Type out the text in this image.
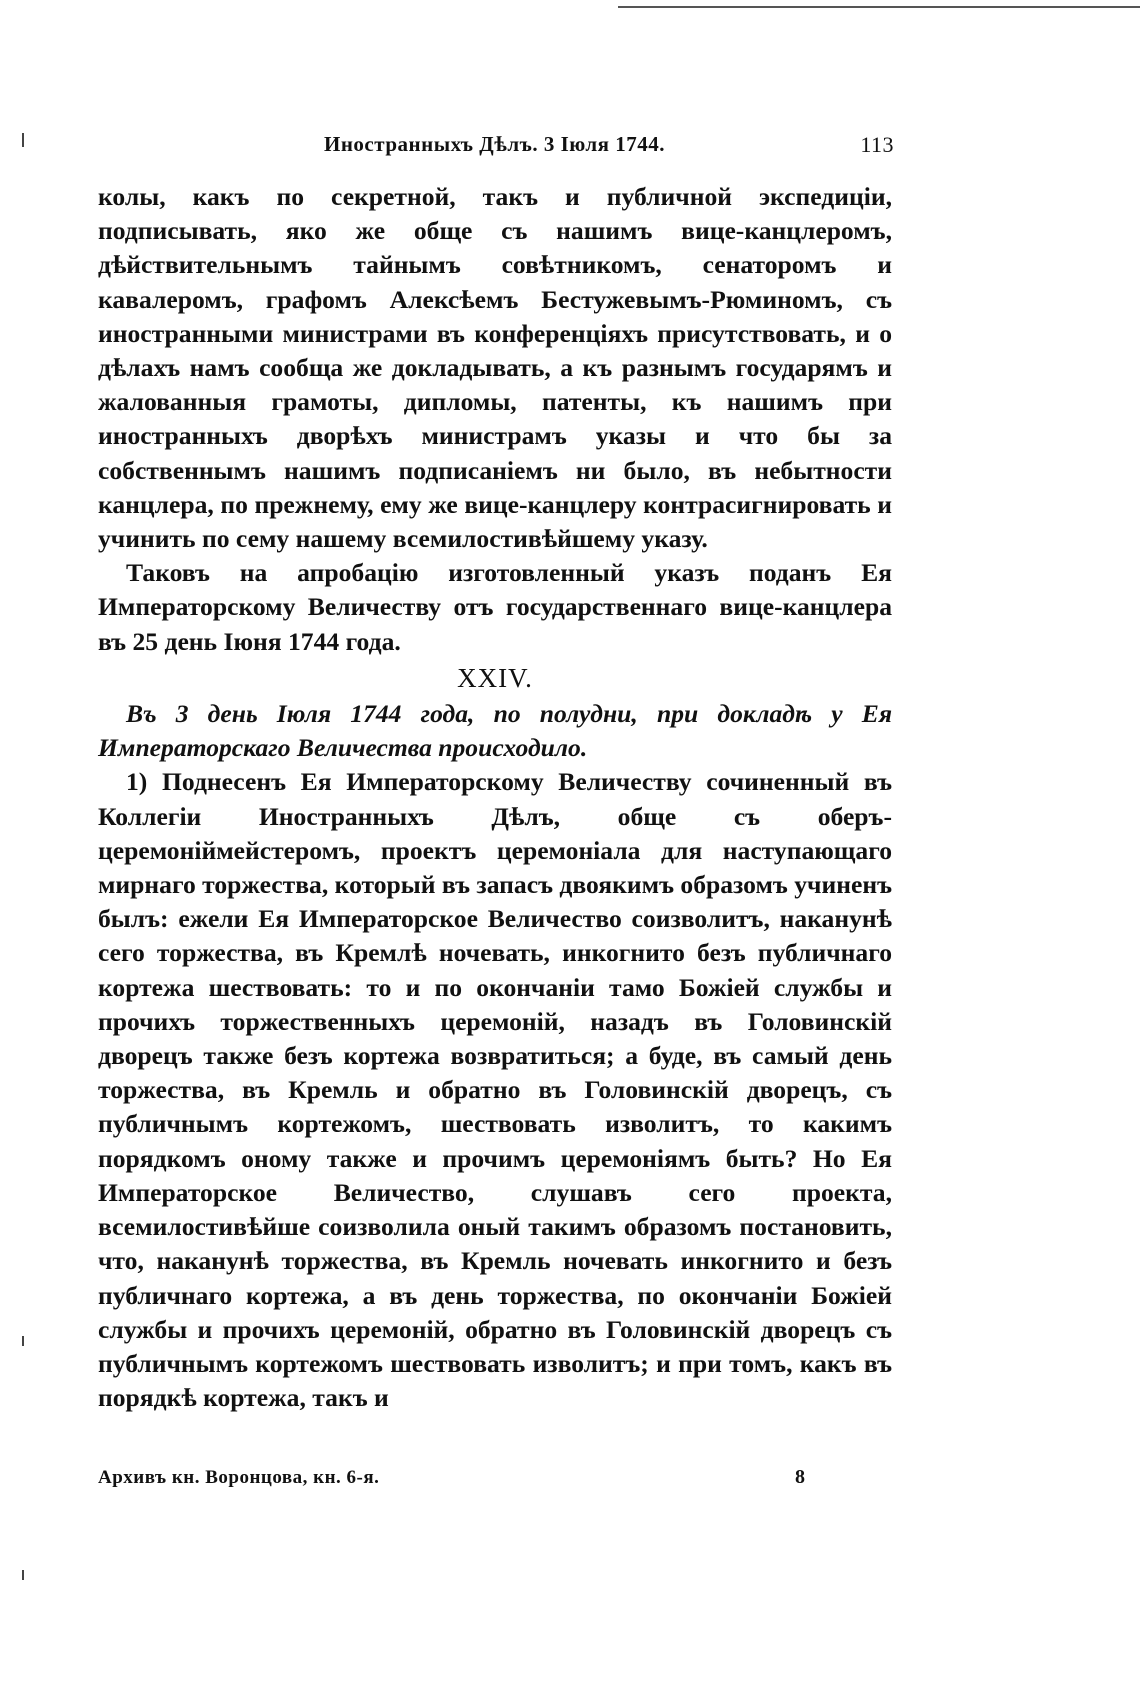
Иностранныхъ Дѣлъ. 3 Іюля 1744.	113

колы, какъ по секретной, такъ и публичной экспедиціи, подписывать, яко же обще съ нашимъ вице-канцлеромъ, дѣйствительнымъ тайнымъ совѣтникомъ, сенаторомъ и кавалеромъ, графомъ Алексѣемъ Бестужевымъ-Рюминомъ, съ иностранными министрами въ конференціяхъ присутствовать, и о дѣлахъ намъ сообща же докладывать, а къ разнымъ государямъ и жалованныя грамоты, дипломы, патенты, къ нашимъ при иностранныхъ дворѣхъ министрамъ указы и что бы за собственнымъ нашимъ подписаніемъ ни было, въ небытности канцлера, по прежнему, ему же вице-канцлеру контрасигнировать и учинить по сему нашему всемилостивѣйшему указу.

Таковъ на апробацію изготовленный указъ поданъ Ея Императорскому Величеству отъ государственнаго вице-канцлера въ 25 день Іюня 1744 года.

XXIV.

Въ 3 день Іюля 1744 года, по полудни, при докладѣ у Ея Императорскаго Величества происходило.

1) Поднесенъ Ея Императорскому Величеству сочиненный въ Коллегіи Иностранныхъ Дѣлъ, обще съ оберъ-церемоніймейстеромъ, проектъ церемоніала для наступающаго мирнаго торжества, который въ запасъ двоякимъ образомъ учиненъ былъ: ежели Ея Императорское Величество соизволитъ, наканунѣ сего торжества, въ Кремлѣ ночевать, инкогнито безъ публичнаго кортежа шествовать: то и по окончаніи тамо Божіей службы и прочихъ торжественныхъ церемоній, назадъ въ Головинскій дворецъ также безъ кортежа возвратиться; а буде, въ самый день торжества, въ Кремль и обратно въ Головинскій дворецъ, съ публичнымъ кортежомъ, шествовать изволитъ, то какимъ порядкомъ оному также и прочимъ церемоніямъ быть? Но Ея Императорское Величество, слушавъ сего проекта, всемилостивѣйше соизволила оный такимъ образомъ постановить, что, наканунѣ торжества, въ Кремль ночевать инкогнито и безъ публичнаго кортежа, а въ день торжества, по окончаніи Божіей службы и прочихъ церемоній, обратно въ Головинскій дворецъ съ публичнымъ кортежомъ шествовать изволитъ; и при томъ, какъ въ порядкѣ кортежа, такъ и

Архивъ кн. Воронцова, кн. 6-я.	8
